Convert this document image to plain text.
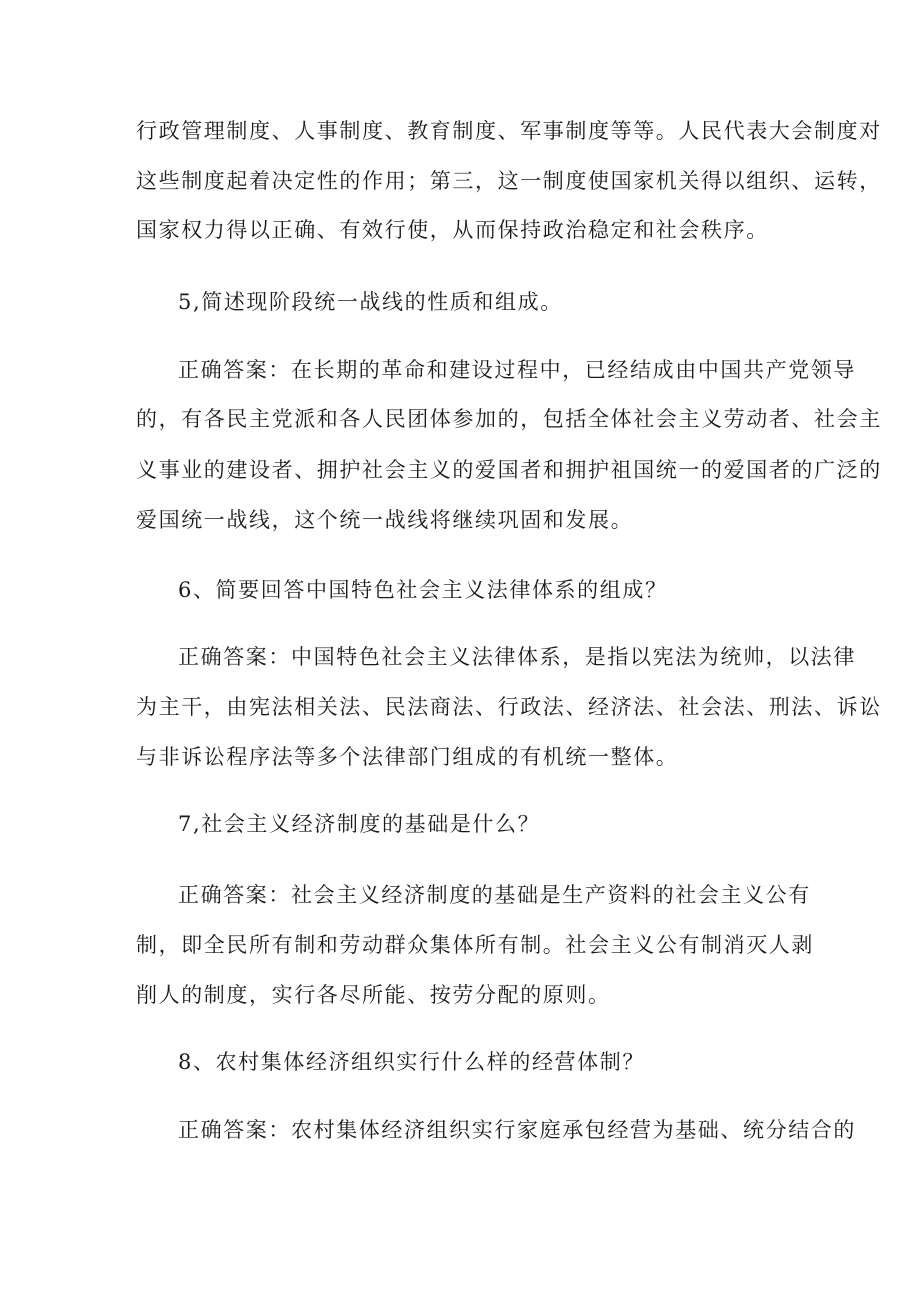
行政管理制度、人事制度、教育制度、军事制度等等。人民代表大会制度对
这些制度起着决定性的作用；第三，这一制度使国家机关得以组织、运转，
国家权力得以正确、有效行使，从而保持政治稳定和社会秩序。
5,简述现阶段统一战线的性质和组成。
正确答案：在长期的革命和建设过程中，已经结成由中国共产党领导
的，有各民主党派和各人民团体参加的，包括全体社会主义劳动者、社会主
义事业的建设者、拥护社会主义的爱国者和拥护祖国统一的爱国者的广泛的
爱国统一战线，这个统一战线将继续巩固和发展。
6、简要回答中国特色社会主义法律体系的组成？
正确答案：中国特色社会主义法律体系，是指以宪法为统帅，以法律
为主干，由宪法相关法、民法商法、行政法、经济法、社会法、刑法、诉讼
与非诉讼程序法等多个法律部门组成的有机统一整体。
7,社会主义经济制度的基础是什么？
正确答案：社会主义经济制度的基础是生产资料的社会主义公有
制，即全民所有制和劳动群众集体所有制。社会主义公有制消灭人剥
削人的制度，实行各尽所能、按劳分配的原则。
8、农村集体经济组织实行什么样的经营体制？
正确答案：农村集体经济组织实行家庭承包经营为基础、统分结合的
